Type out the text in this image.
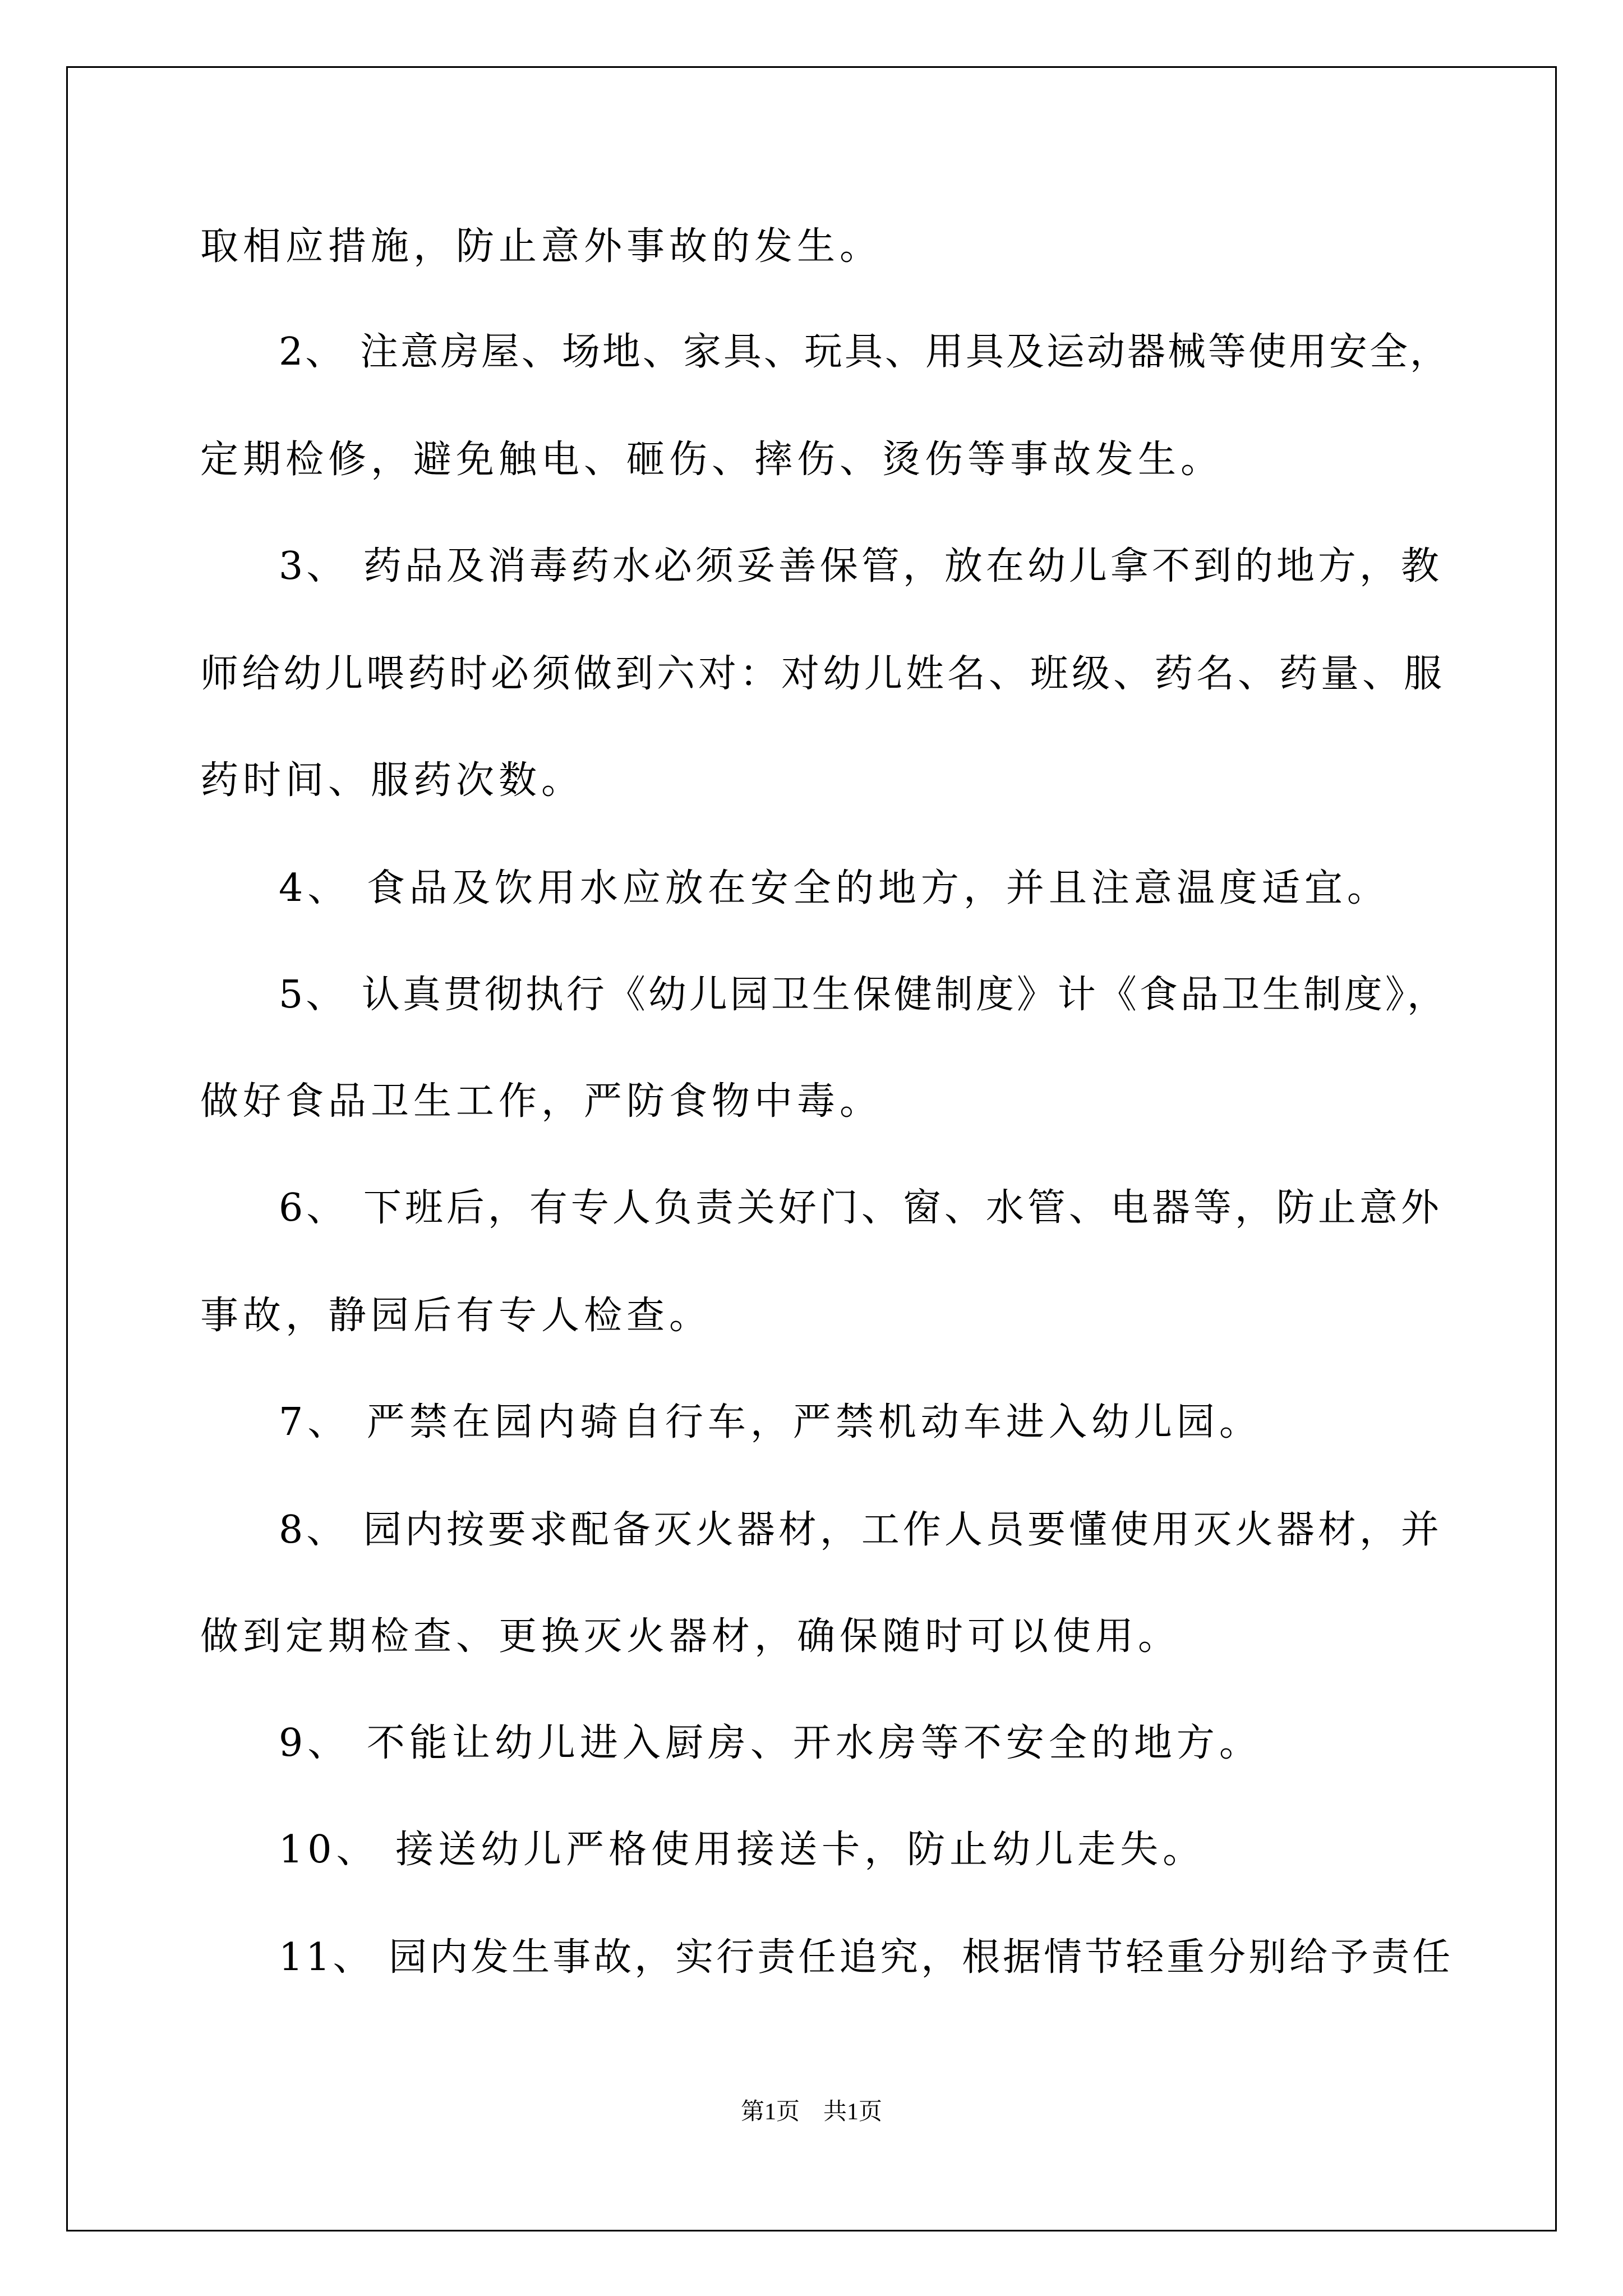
取相应措施，防止意外事故的发生。

2、 注意房屋、场地、家具、玩具、用具及运动器械等使用安全，

定期检修，避免触电、砸伤、摔伤、烫伤等事故发生。

3、 药品及消毒药水必须妥善保管，放在幼儿拿不到的地方，教

师给幼儿喂药时必须做到六对：对幼儿姓名、班级、药名、药量、服

药时间、服药次数。

4、 食品及饮用水应放在安全的地方，并且注意温度适宜。

5、 认真贯彻执行《幼儿园卫生保健制度》计《食品卫生制度》，

做好食品卫生工作，严防食物中毒。

6、 下班后，有专人负责关好门、窗、水管、电器等，防止意外

事故，静园后有专人检查。

7、 严禁在园内骑自行车，严禁机动车进入幼儿园。

8、 园内按要求配备灭火器材，工作人员要懂使用灭火器材，并

做到定期检查、更换灭火器材，确保随时可以使用。

9、 不能让幼儿进入厨房、开水房等不安全的地方。

10、 接送幼儿严格使用接送卡，防止幼儿走失。

11、 园内发生事故，实行责任追究，根据情节轻重分别给予责任

第1页　共1页
